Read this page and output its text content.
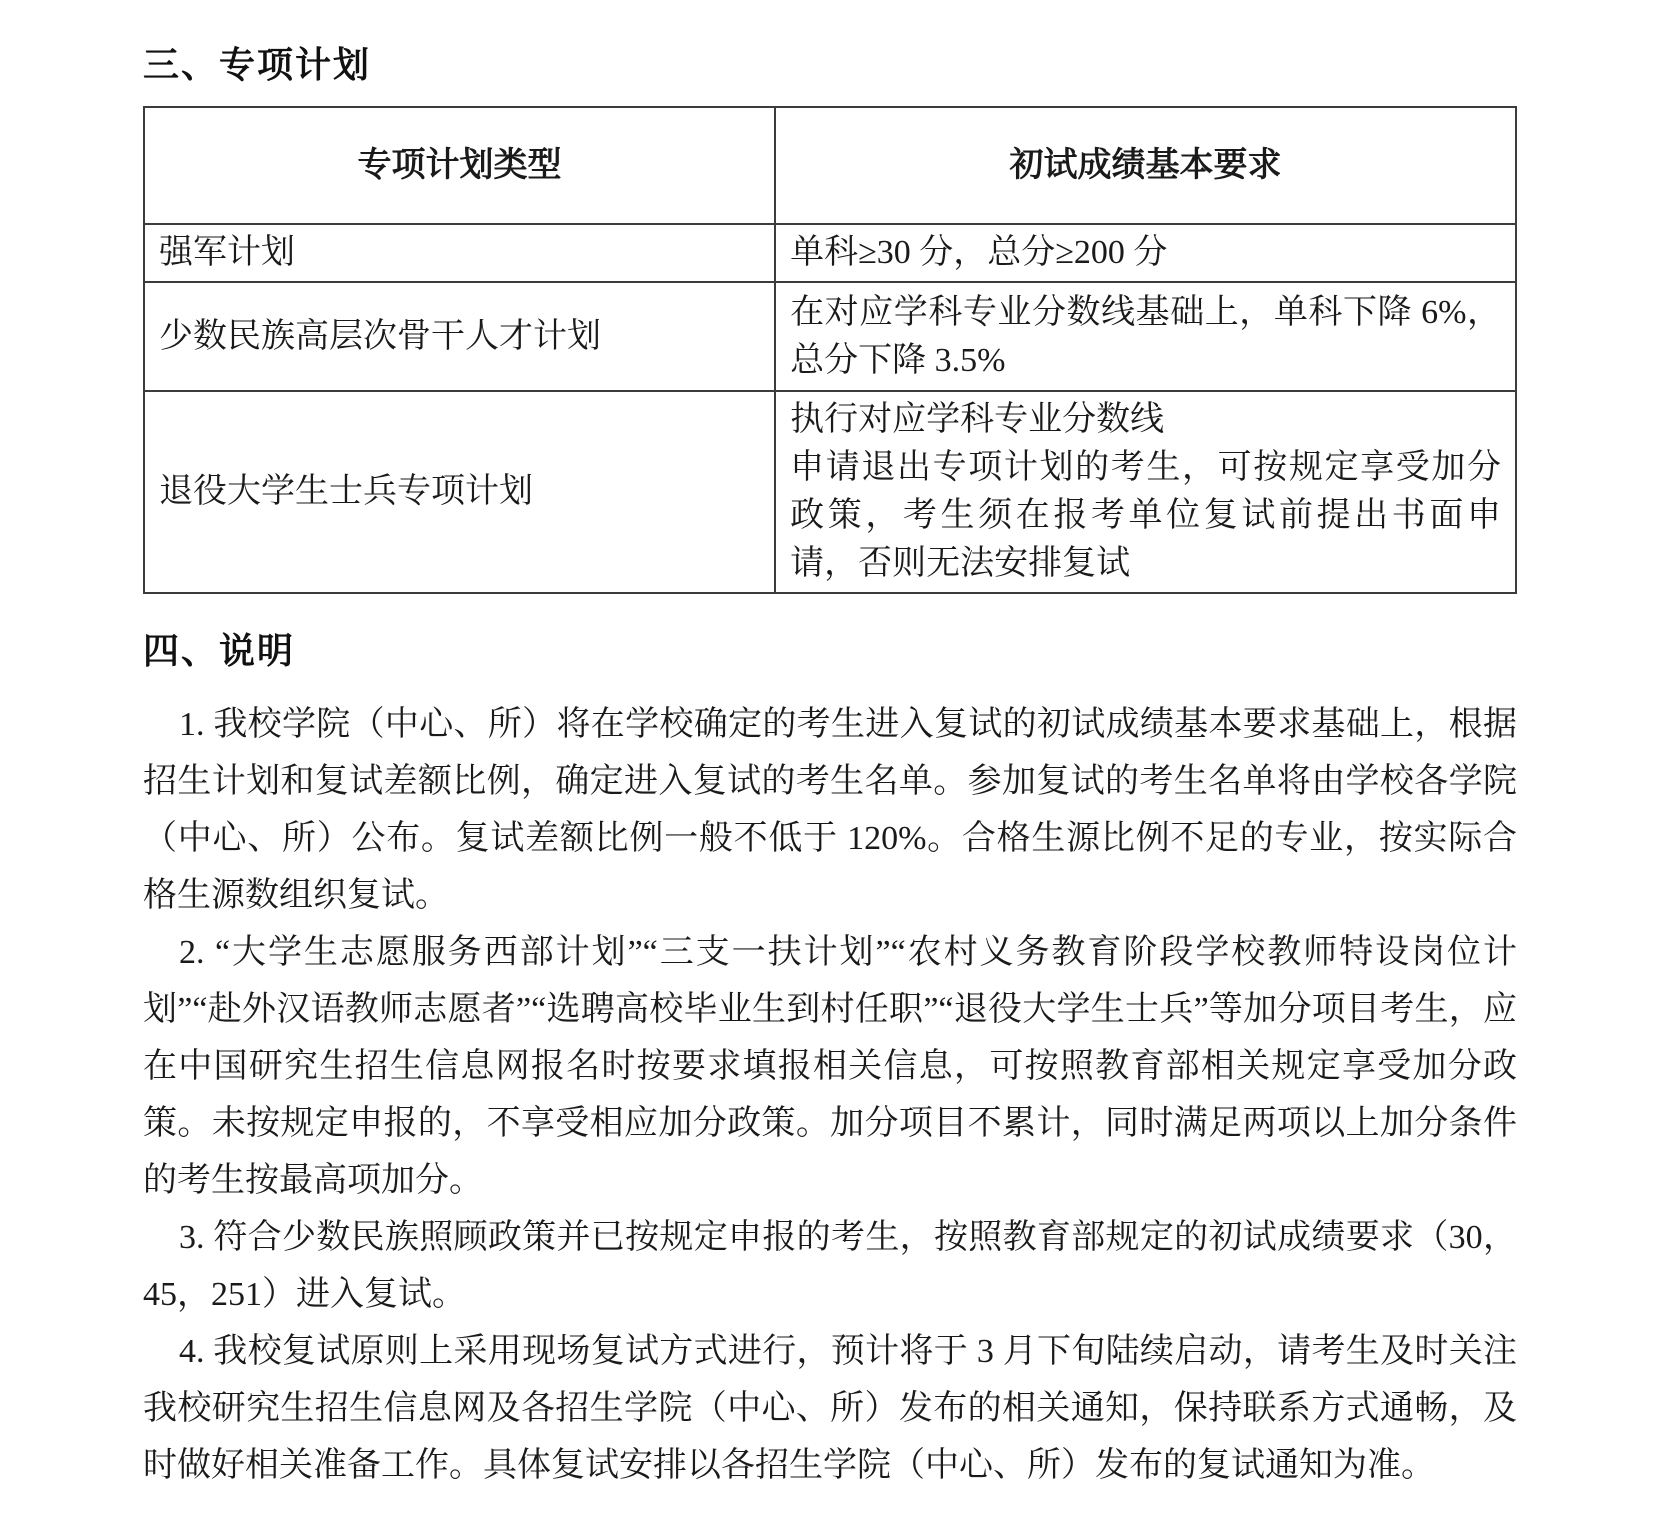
三、专项计划
专项计划类型	初试成绩基本要求
强军计划	单科≥30 分，总分≥200 分

少数民族高层次骨干人才计划	在对应学科专业分数线基础上，单科下降 6%，总分下降 3.5%

退役大学生士兵专项计划	执行对应学科专业分数线
申请退出专项计划的考生，可按规定享受加分政策，考生须在报考单位复试前提出书面申请，否则无法安排复试
四、说明

1. 我校学院（中心、所）将在学校确定的考生进入复试的初试成绩基本要求基础上，根据招生计划和复试差额比例，确定进入复试的考生名单。参加复试的考生名单将由学校各学院（中心、所）公布。复试差额比例一般不低于 120%。合格生源比例不足的专业，按实际合格生源数组织复试。

2. “大学生志愿服务西部计划”“三支一扶计划”“农村义务教育阶段学校教师特设岗位计划”“赴外汉语教师志愿者”“选聘高校毕业生到村任职”“退役大学生士兵”等加分项目考生，应在中国研究生招生信息网报名时按要求填报相关信息，可按照教育部相关规定享受加分政策。未按规定申报的，不享受相应加分政策。加分项目不累计，同时满足两项以上加分条件的考生按最高项加分。

3. 符合少数民族照顾政策并已按规定申报的考生，按照教育部规定的初试成绩要求（30，45，251）进入复试。

4. 我校复试原则上采用现场复试方式进行，预计将于 3 月下旬陆续启动，请考生及时关注我校研究生招生信息网及各招生学院（中心、所）发布的相关通知，保持联系方式通畅，及时做好相关准备工作。具体复试安排以各招生学院（中心、所）发布的复试通知为准。
